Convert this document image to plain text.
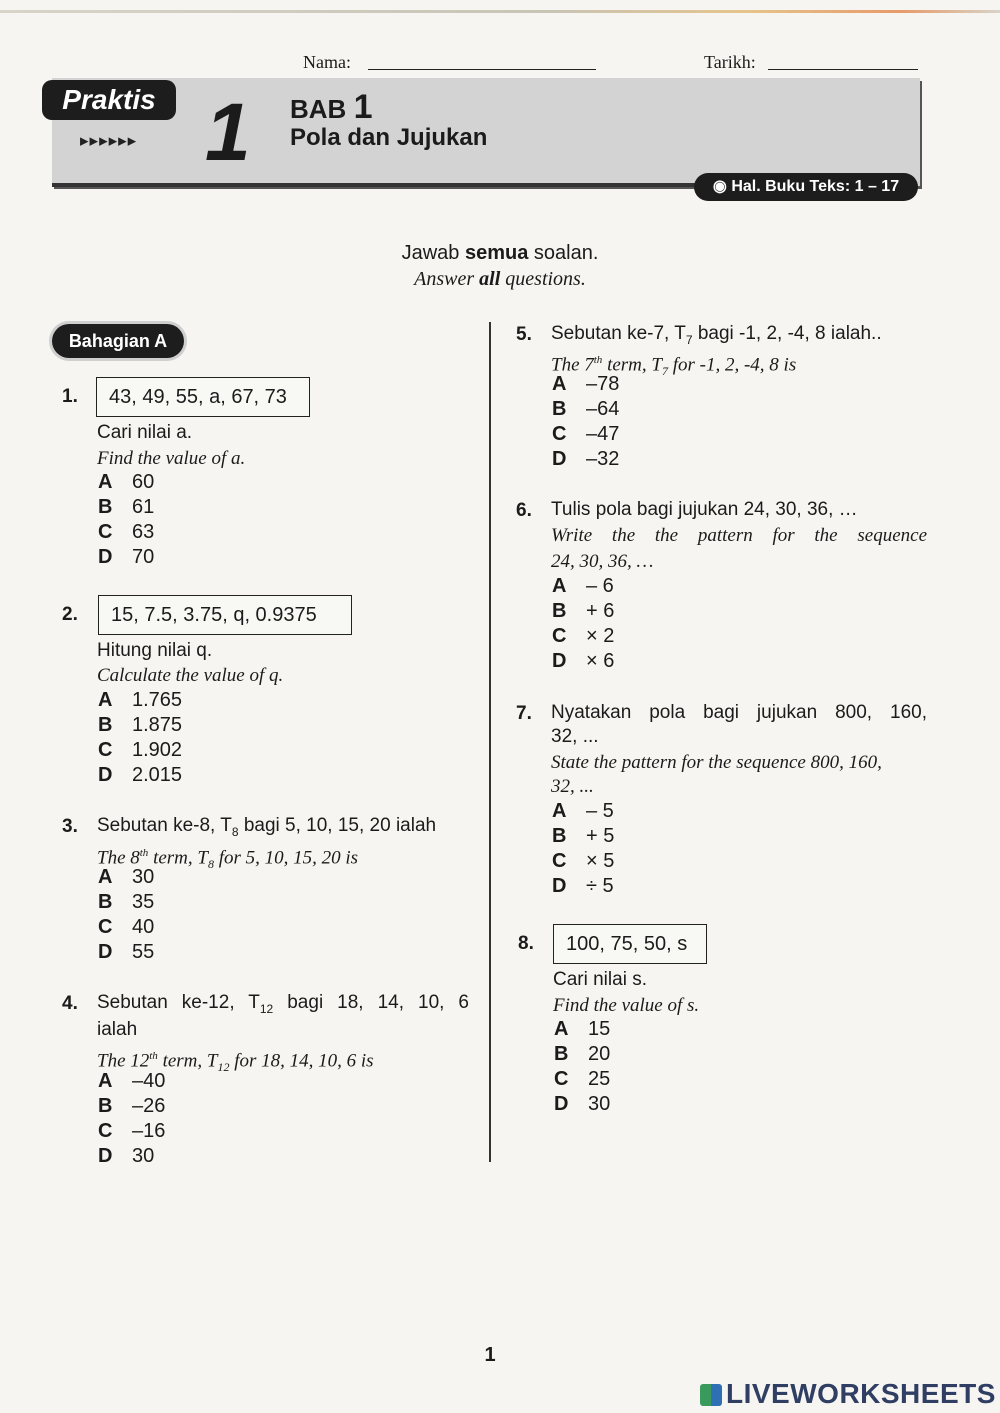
Nama:	Tarikh:
Praktis
▸▸▸▸▸▸ 1 BAB 1
Pola dan Jujukan
◉ Hal. Buku Teks: 1 – 17
Jawab semua soalan.
Answer all questions.
Bahagian A
1.	43, 49, 55, a, 67, 73
Cari nilai a.
Find the value of a.
A 60
B 61
C 63
D 70
2.	15, 7.5, 3.75, q, 0.9375
Hitung nilai q.
Calculate the value of q.
A 1.765
B 1.875
C 1.902
D 2.015
3. Sebutan ke-8, $T_8$ bagi 5, 10, 15, 20 ialah
The 8th term, $T_8$ for 5, 10, 15, 20 is
A 30
B 35
C 40
D 55
4. Sebutan ke-12, $T_{12}$ bagi 18, 14, 10, 6
ialah
The 12th term, $T_{12}$ for 18, 14, 10, 6 is
A –40
B –26
C –16
D 30
5. Sebutan ke-7, $T_7$ bagi -1, 2, -4, 8 ialah..
The 7th term, $T_7$ for -1, 2, -4, 8 is
A –78
B –64
C –47
D –32
6. Tulis pola bagi jujukan 24, 30, 36, …
Write the the pattern for the sequence
24, 30, 36, …
A – 6
B + 6
C × 2
D × 6
7. Nyatakan pola bagi jujukan 800, 160,
32, ...
State the pattern for the sequence 800, 160,
32, ...
A – 5
B + 5
C × 5
D ÷ 5
8.	100, 75, 50, s
Cari nilai s.
Find the value of s.
A 15
B 20
C 25
D 30
1
LIVEWORKSHEETS
